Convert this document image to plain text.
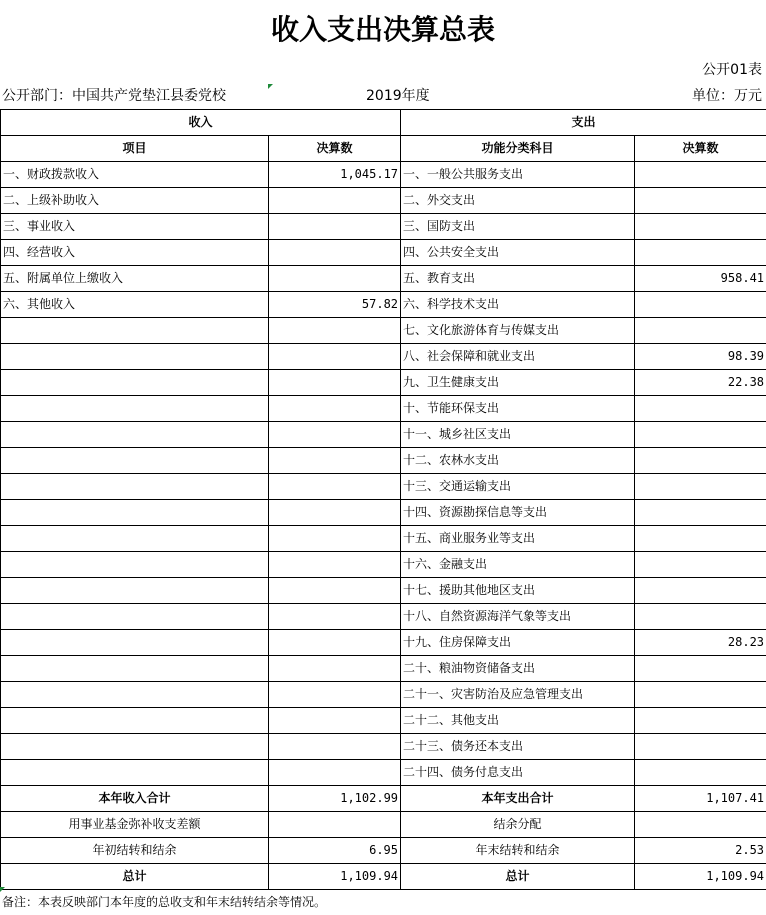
收入支出决算总表
公开01表
公开部门：中国共产党垫江县委党校	2019年度	单位：万元
收入		支出	
项目	决算数	功能分类科目	决算数
一、财政拨款收入	1,045.17	一、一般公共服务支出	
二、上级补助收入		二、外交支出	
三、事业收入		三、国防支出	
四、经营收入		四、公共安全支出	
五、附属单位上缴收入		五、教育支出	958.41
六、其他收入	57.82	六、科学技术支出	
		七、文化旅游体育与传媒支出	
		八、社会保障和就业支出	98.39
		九、卫生健康支出	22.38
		十、节能环保支出	
		十一、城乡社区支出	
		十二、农林水支出	
		十三、交通运输支出	
		十四、资源勘探信息等支出	
		十五、商业服务业等支出	
		十六、金融支出	
		十七、援助其他地区支出	
		十八、自然资源海洋气象等支出	
		十九、住房保障支出	28.23
		二十、粮油物资储备支出	
		二十一、灾害防治及应急管理支出	
		二十二、其他支出	
		二十三、债务还本支出	
		二十四、债务付息支出	
本年收入合计	1,102.99	本年支出合计	1,107.41
用事业基金弥补收支差额		结余分配	
年初结转和结余	6.95	年末结转和结余	2.53
总计	1,109.94	总计	1,109.94
备注：本表反映部门本年度的总收支和年末结转结余等情况。
